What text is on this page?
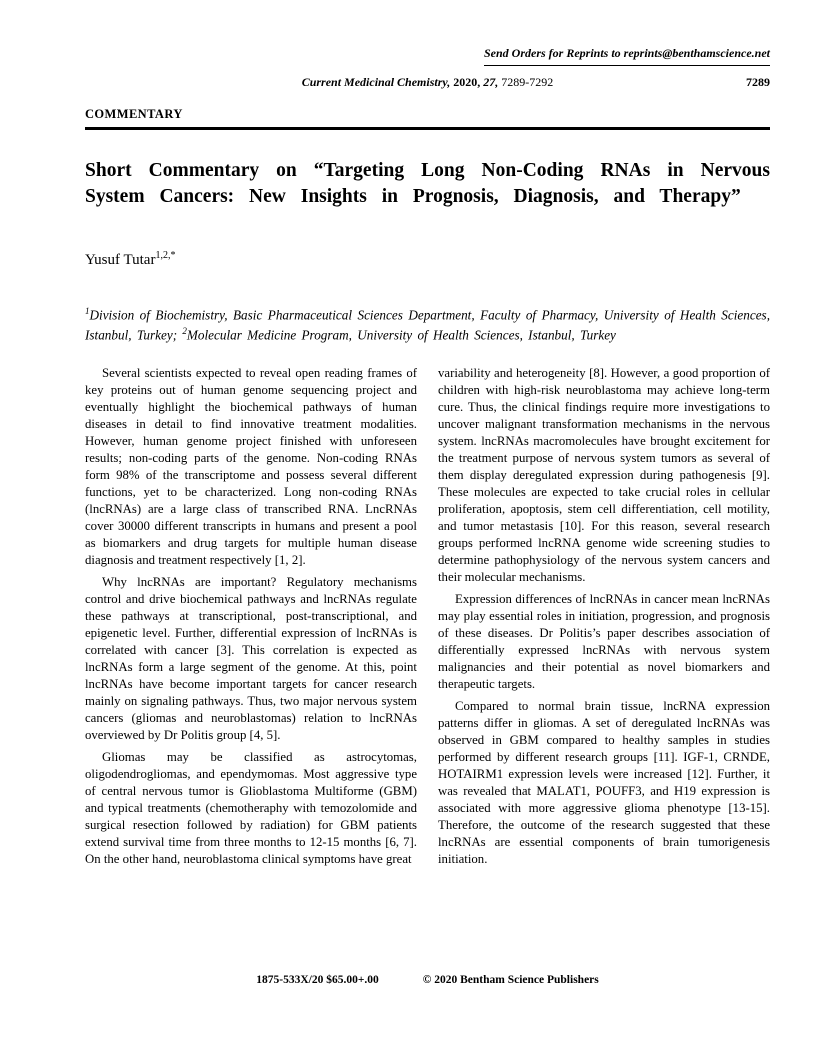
Send Orders for Reprints to reprints@benthamscience.net
Current Medicinal Chemistry, 2020, 27, 7289-7292	7289
COMMENTARY
Short Commentary on “Targeting Long Non-Coding RNAs in Nervous System Cancers: New Insights in Prognosis, Diagnosis, and Therapy”
Yusuf Tutar$^{1,2,*}$

$^1$Division of Biochemistry, Basic Pharmaceutical Sciences Department, Faculty of Pharmacy, University of Health Sciences, Istanbul, Turkey; $^2$Molecular Medicine Program, University of Health Sciences, Istanbul, Turkey

Several scientists expected to reveal open reading frames of key proteins out of human genome sequencing project and eventually highlight the biochemical pathways of human diseases in detail to find innovative treatment modalities. However, human genome project finished with unforeseen results; non-coding parts of the genome. Non-coding RNAs form 98% of the transcriptome and possess several different functions, yet to be characterized. Long non-coding RNAs (lncRNAs) are a large class of transcribed RNA. LncRNAs cover 30000 different transcripts in humans and present a pool as biomarkers and drug targets for multiple human disease diagnosis and treatment respectively [1, 2].

Why lncRNAs are important? Regulatory mechanisms control and drive biochemical pathways and lncRNAs regulate these pathways at transcriptional, post-transcriptional, and epigenetic level. Further, differential expression of lncRNAs is correlated with cancer [3]. This correlation is expected as lncRNAs form a large segment of the genome. At this, point lncRNAs have become important targets for cancer research mainly on signaling pathways. Thus, two major nervous system cancers (gliomas and neuroblastomas) relation to lncRNAs overviewed by Dr Politis group [4, 5].

Gliomas may be classified as astrocytomas, oligodendrogliomas, and ependymomas. Most aggressive type of central nervous tumor is Glioblastoma Multiforme (GBM) and typical treatments (chemotheraphy with temozolomide and surgical resection followed by radiation) for GBM patients extend survival time from three months to 12-15 months [6, 7]. On the other hand, neuroblastoma clinical symptoms have great

variability and heterogeneity [8]. However, a good proportion of children with high-risk neuroblastoma may achieve long-term cure. Thus, the clinical findings require more investigations to uncover malignant transformation mechanisms in the nervous system. lncRNAs macromolecules have brought excitement for the treatment purpose of nervous system tumors as several of them display deregulated expression during pathogenesis [9]. These molecules are expected to take crucial roles in cellular proliferation, apoptosis, stem cell differentiation, cell motility, and tumor metastasis [10]. For this reason, several research groups performed lncRNA genome wide screening studies to determine pathophysiology of the nervous system cancers and their molecular mechanisms.

Expression differences of lncRNAs in cancer mean lncRNAs may play essential roles in initiation, progression, and prognosis of these diseases. Dr Politis’s paper describes association of differentially expressed lncRNAs with nervous system malignancies and their potential as novel biomarkers and therapeutic targets.

Compared to normal brain tissue, lncRNA expression patterns differ in gliomas. A set of deregulated lncRNAs was observed in GBM compared to healthy samples in studies performed by different research groups [11]. IGF-1, CRNDE, HOTAIRM1 expression levels were increased [12]. Further, it was revealed that MALAT1, POUFF3, and H19 expression is associated with more aggressive glioma phenotype [13-15]. Therefore, the outcome of the research suggested that these lncRNAs are essential components of brain tumorigenesis initiation.

1875-533X/20 $65.00+.00	© 2020 Bentham Science Publishers
